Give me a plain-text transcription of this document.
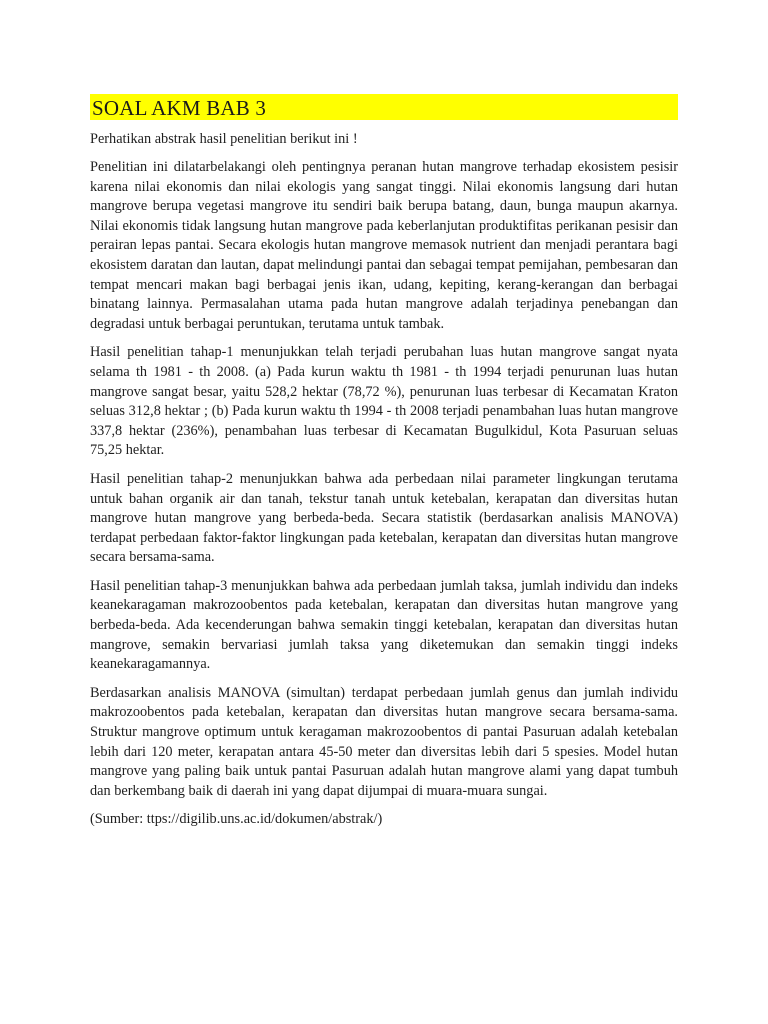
SOAL AKM BAB 3

Perhatikan abstrak hasil penelitian berikut ini !

Penelitian ini dilatarbelakangi oleh pentingnya peranan hutan mangrove terhadap ekosistem pesisir karena nilai ekonomis dan nilai ekologis yang sangat tinggi. Nilai ekonomis langsung dari hutan mangrove berupa vegetasi mangrove itu sendiri baik berupa batang, daun, bunga maupun akarnya. Nilai ekonomis tidak langsung hutan mangrove pada keberlanjutan produktifitas perikanan pesisir dan perairan lepas pantai. Secara ekologis hutan mangrove memasok nutrient dan menjadi perantara bagi ekosistem daratan dan lautan, dapat melindungi pantai dan sebagai tempat pemijahan, pembesaran dan tempat mencari makan bagi berbagai jenis ikan, udang, kepiting, kerang-kerangan dan berbagai binatang lainnya. Permasalahan utama pada hutan mangrove adalah terjadinya penebangan dan degradasi untuk berbagai peruntukan, terutama untuk tambak.

Hasil penelitian tahap-1 menunjukkan telah terjadi perubahan luas hutan mangrove sangat nyata selama th 1981 - th 2008. (a) Pada kurun waktu th 1981 - th 1994 terjadi penurunan luas hutan mangrove sangat besar, yaitu 528,2 hektar (78,72 %), penurunan luas terbesar di Kecamatan Kraton seluas 312,8 hektar ; (b) Pada kurun waktu th 1994 - th 2008 terjadi penambahan luas hutan mangrove 337,8 hektar (236%), penambahan luas terbesar di Kecamatan Bugulkidul, Kota Pasuruan seluas 75,25 hektar.

Hasil penelitian tahap-2 menunjukkan bahwa ada perbedaan nilai parameter lingkungan terutama untuk bahan organik air dan tanah, tekstur tanah untuk ketebalan, kerapatan dan diversitas hutan mangrove hutan mangrove yang berbeda-beda. Secara statistik (berdasarkan analisis MANOVA) terdapat perbedaan faktor-faktor lingkungan pada ketebalan, kerapatan dan diversitas hutan mangrove secara bersama-sama.

Hasil penelitian tahap-3 menunjukkan bahwa ada perbedaan jumlah taksa, jumlah individu dan indeks keanekaragaman makrozoobentos pada ketebalan, kerapatan dan diversitas hutan mangrove yang berbeda-beda. Ada kecenderungan bahwa semakin tinggi ketebalan, kerapatan dan diversitas hutan mangrove, semakin bervariasi jumlah taksa yang diketemukan dan semakin tinggi indeks keanekaragamannya.

Berdasarkan analisis MANOVA (simultan) terdapat perbedaan jumlah genus dan jumlah individu makrozoobentos pada ketebalan, kerapatan dan diversitas hutan mangrove secara bersama-sama. Struktur mangrove optimum untuk keragaman makrozoobentos di pantai Pasuruan adalah ketebalan lebih dari 120 meter, kerapatan antara 45-50 meter dan diversitas lebih dari 5 spesies. Model hutan mangrove yang paling baik untuk pantai Pasuruan adalah hutan mangrove alami yang dapat tumbuh dan berkembang baik di daerah ini yang dapat dijumpai di muara-muara sungai.

(Sumber: ttps://digilib.uns.ac.id/dokumen/abstrak/)
